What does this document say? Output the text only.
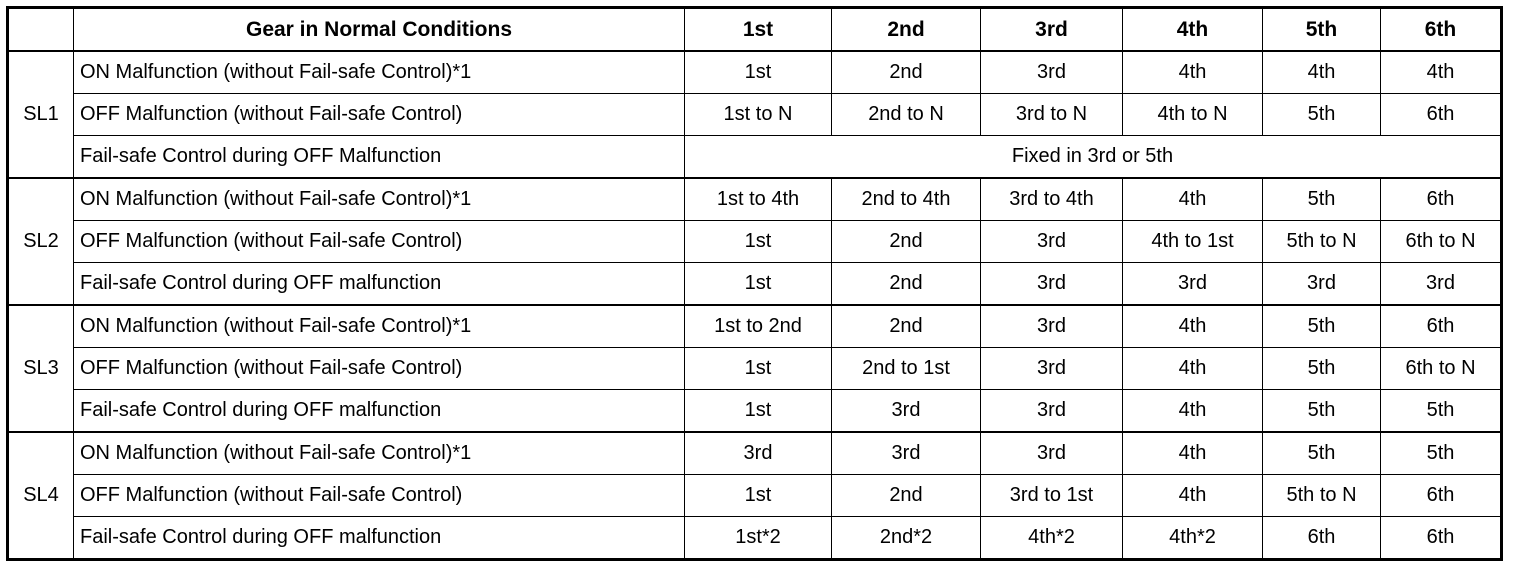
	Gear in Normal Conditions	1st	2nd	3rd	4th	5th	6th
SL1	ON Malfunction (without Fail-safe Control)*1	1st	2nd	3rd	4th	4th	4th
	OFF Malfunction (without Fail-safe Control)	1st to N	2nd to N	3rd to N	4th to N	5th	6th
	Fail-safe Control during OFF Malfunction	Fixed in 3rd or 5th					
SL2	ON Malfunction (without Fail-safe Control)*1	1st to 4th	2nd to 4th	3rd to 4th	4th	5th	6th
	OFF Malfunction (without Fail-safe Control)	1st	2nd	3rd	4th to 1st	5th to N	6th to N
	Fail-safe Control during OFF malfunction	1st	2nd	3rd	3rd	3rd	3rd
SL3	ON Malfunction (without Fail-safe Control)*1	1st to 2nd	2nd	3rd	4th	5th	6th
	OFF Malfunction (without Fail-safe Control)	1st	2nd to 1st	3rd	4th	5th	6th to N
	Fail-safe Control during OFF malfunction	1st	3rd	3rd	4th	5th	5th
SL4	ON Malfunction (without Fail-safe Control)*1	3rd	3rd	3rd	4th	5th	5th
	OFF Malfunction (without Fail-safe Control)	1st	2nd	3rd to 1st	4th	5th to N	6th
	Fail-safe Control during OFF malfunction	1st*2	2nd*2	4th*2	4th*2	6th	6th
